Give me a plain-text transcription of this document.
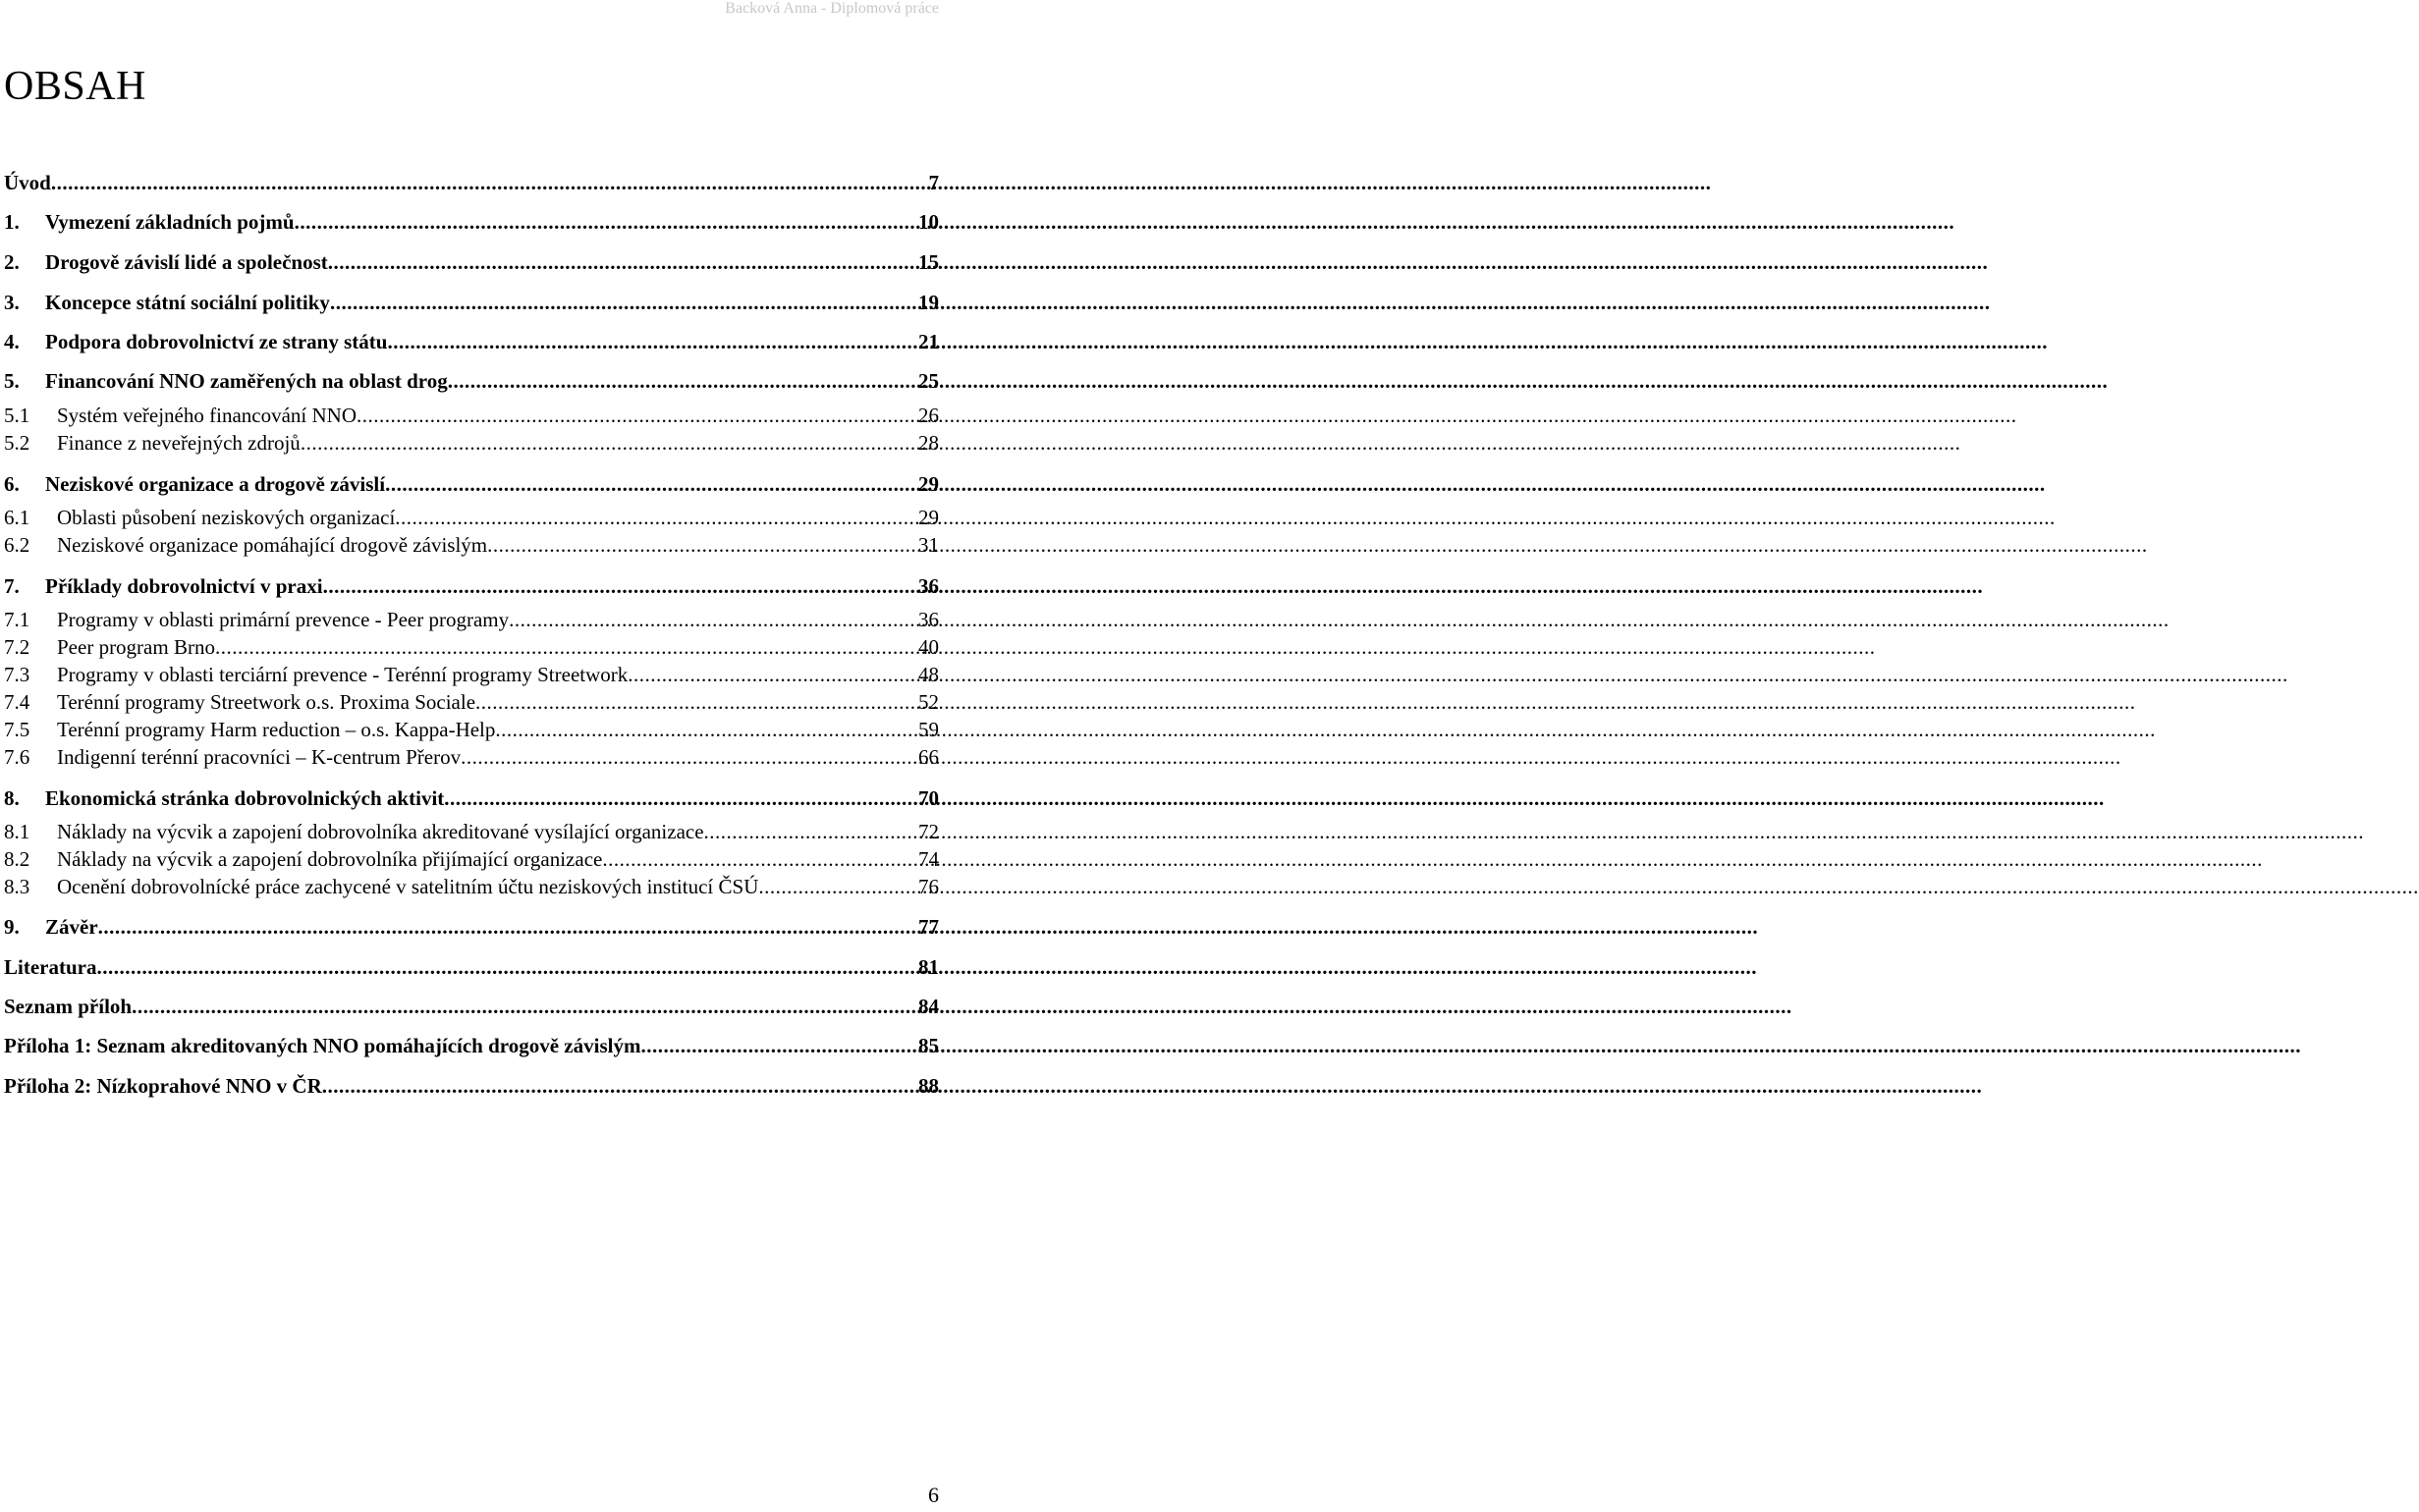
Backová Anna - Diplomová práce
OBSAH
Úvod .....	7
1.	Vymezení základních pojmů .....	10
2.	Drogově závislí lidé a společnost .....	15
3.	Koncepce státní sociální politiky .....	19
4.	Podpora dobrovolnictví ze strany státu .....	21
5.	Financování NNO zaměřených na oblast drog .....	25
5.1	Systém veřejného financování NNO .....	26
5.2	Finance z neveřejných zdrojů .....	28
6.	Neziskové organizace a drogově závislí .....	29
6.1	Oblasti působení neziskových organizací .....	29
6.2	Neziskové organizace pomáhající drogově závislým .....	31
7.	Příklady dobrovolnictví v praxi .....	36
7.1	Programy v oblasti primární prevence - Peer programy .....	36
7.2	Peer program Brno .....	40
7.3	Programy v oblasti terciární prevence - Terénní programy Streetwork .....	48
7.4	Terénní programy Streetwork o.s. Proxima Sociale .....	52
7.5	Terénní programy Harm reduction – o.s. Kappa-Help .....	59
7.6	Indigenní terénní pracovníci – K-centrum Přerov .....	66
8.	Ekonomická stránka dobrovolnických aktivit .....	70
8.1	Náklady na výcvik a zapojení dobrovolníka akreditované vysílající organizace .....	72
8.2	Náklady na výcvik a zapojení dobrovolníka přijímající organizace .....	74
8.3	Ocenění dobrovolnícké práce zachycené v satelitním účtu neziskových institucí ČSÚ .....	76
9.	Závěr .....	77
Literatura .....	81
Seznam příloh .....	84
Příloha 1: Seznam akreditovaných NNO pomáhajících drogově závislým .....	85
Příloha 2: Nízkoprahové NNO v ČR .....	88
6
